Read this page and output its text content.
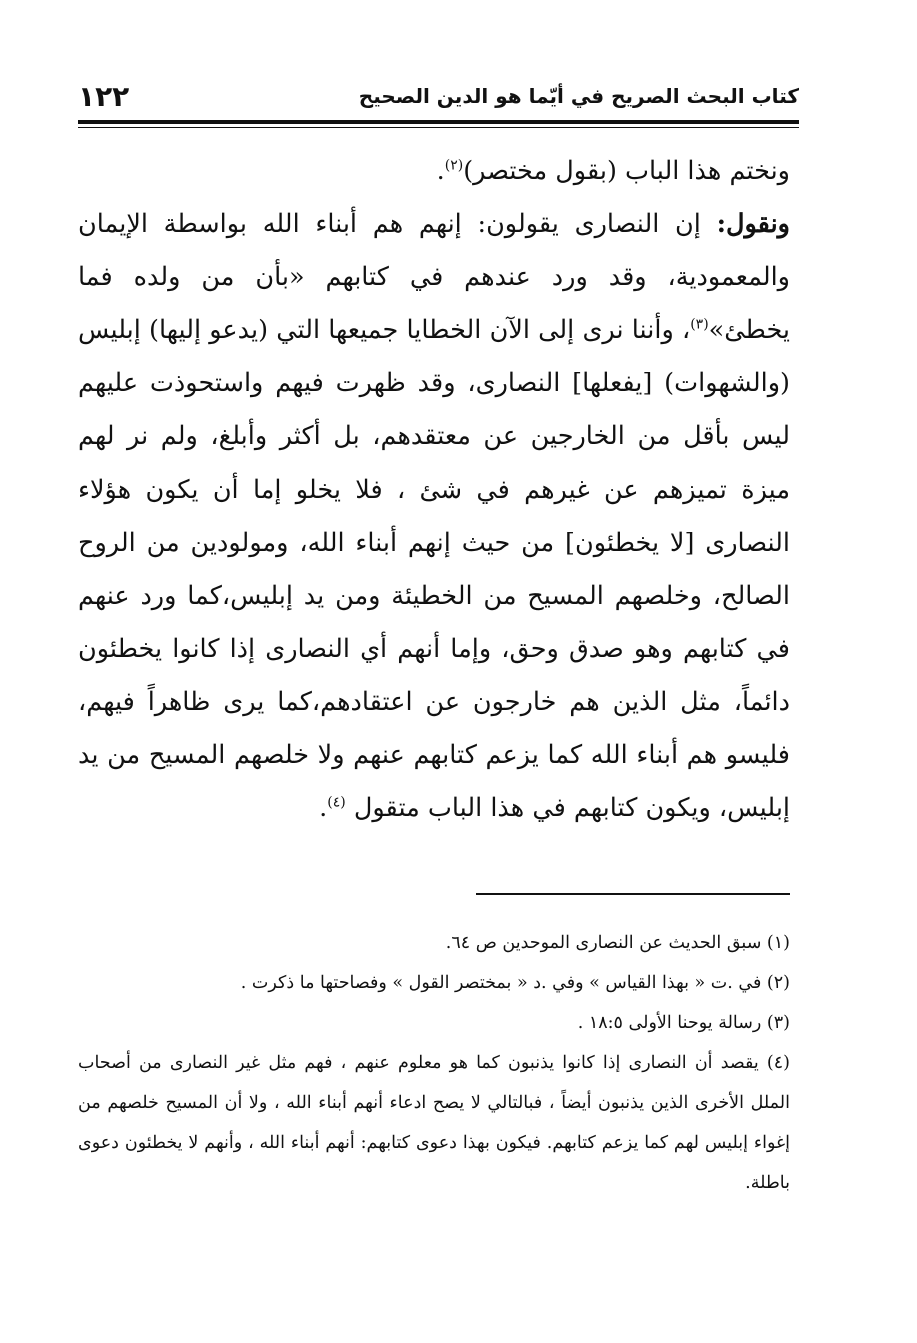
١٢٢	كتاب البحث الصريح في أيّما هو الدين الصحيح

ونختم هذا الباب (بقول مختصر)$^{(٢)}$.

ونقول: إن النصارى يقولون: إنهم هم أبناء الله بواسطة الإيمان والمعمودية، وقد ورد عندهم في كتابهم «بأن من ولده فما يخطئ»$^{(٣)}$، وأننا نرى إلى الآن الخطايا جميعها التي (يدعو إليها) إبليس (والشهوات) [يفعلها] النصارى، وقد ظهرت فيهم واستحوذت عليهم ليس بأقل من الخارجين عن معتقدهم، بل أكثر وأبلغ، ولم نر لهم ميزة تميزهم عن غيرهم في شئ ، فلا يخلو إما أن يكون هؤلاء النصارى [لا يخطئون] من حيث إنهم أبناء الله، ومولودين من الروح الصالح، وخلصهم المسيح من الخطيئة ومن يد إبليس،كما ورد عنهم في كتابهم وهو صدق وحق، وإما أنهم أي النصارى إذا كانوا يخطئون دائماً، مثل الذين هم خارجون عن اعتقادهم،كما يرى ظاهراً فيهم، فليسو هم أبناء الله كما يزعم كتابهم عنهم ولا خلصهم المسيح من يد إبليس، ويكون كتابهم في هذا الباب متقول $^{(٤)}$.

(١) سبق الحديث عن النصارى الموحدين ص ٦٤.

(٢) في .ت « بهذا القياس » وفي .د « بمختصر القول » وفصاحتها ما ذكرت .

(٣) رسالة يوحنا الأولى ١٨:٥ .

(٤) يقصد أن النصارى إذا كانوا يذنبون كما هو معلوم عنهم ، فهم مثل غير النصارى من أصحاب الملل الأخرى الذين يذنبون أيضاً ، فبالتالي لا يصح ادعاء أنهم أبناء الله ، ولا أن المسيح خلصهم من إغواء إبليس لهم كما يزعم كتابهم. فيكون بهذا دعوى كتابهم: أنهم أبناء الله ، وأنهم لا يخطئون دعوى باطلة.
